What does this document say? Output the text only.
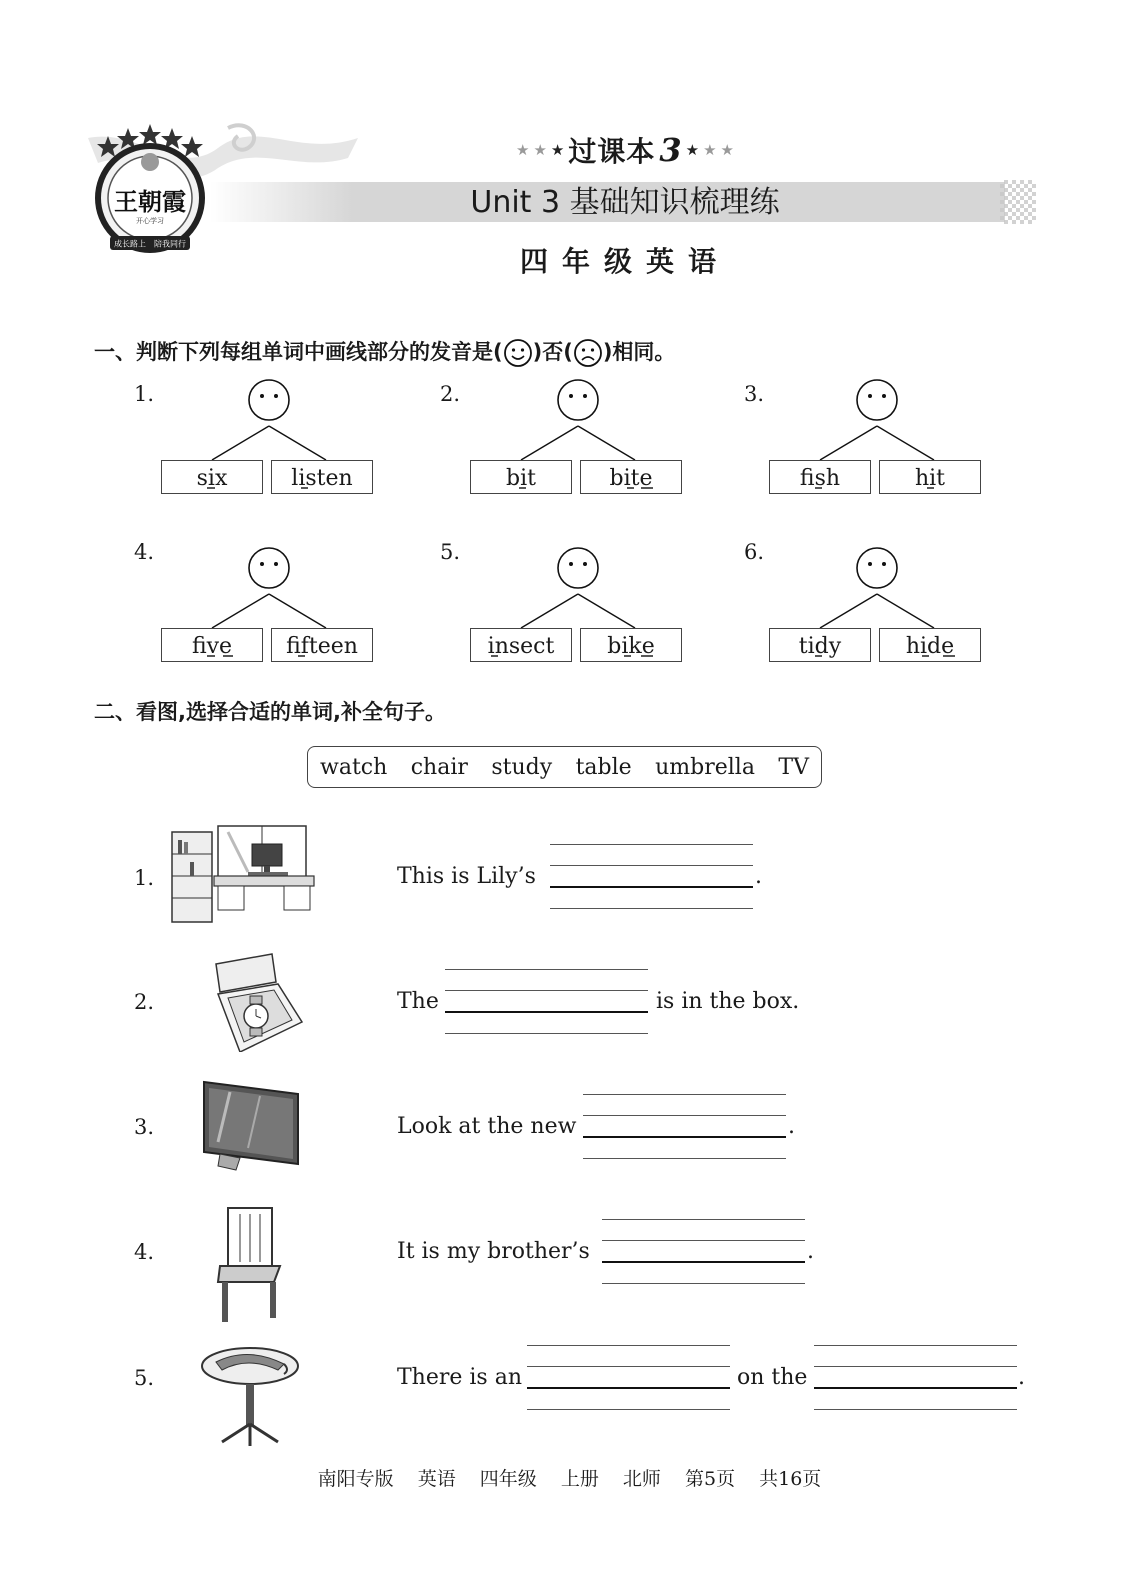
王朝霞
开心学习
成长路上 陪我同行
★ ★ ★ 过课本 3 ★ ★ ★
Unit 3 基础知识梳理练
四年级英语
一、判断下列每组单词中画线部分的发音是( )否( )相同。
1.
six	listen
2.
bit	bite
3.
fish	hit
4.
five	fifteen
5.
insect	bike
6.
tidy	hide
二、看图,选择合适的单词,补全句子。
watch chair study table umbrella TV
1.	This is Lily’s	.
2.	The	is in the box.
3.	Look at the new	.
4.	It is my brother’s	.
5.	There is an	on the	.
南阳专版 英语 四年级 上册 北师 第5页 共16页
